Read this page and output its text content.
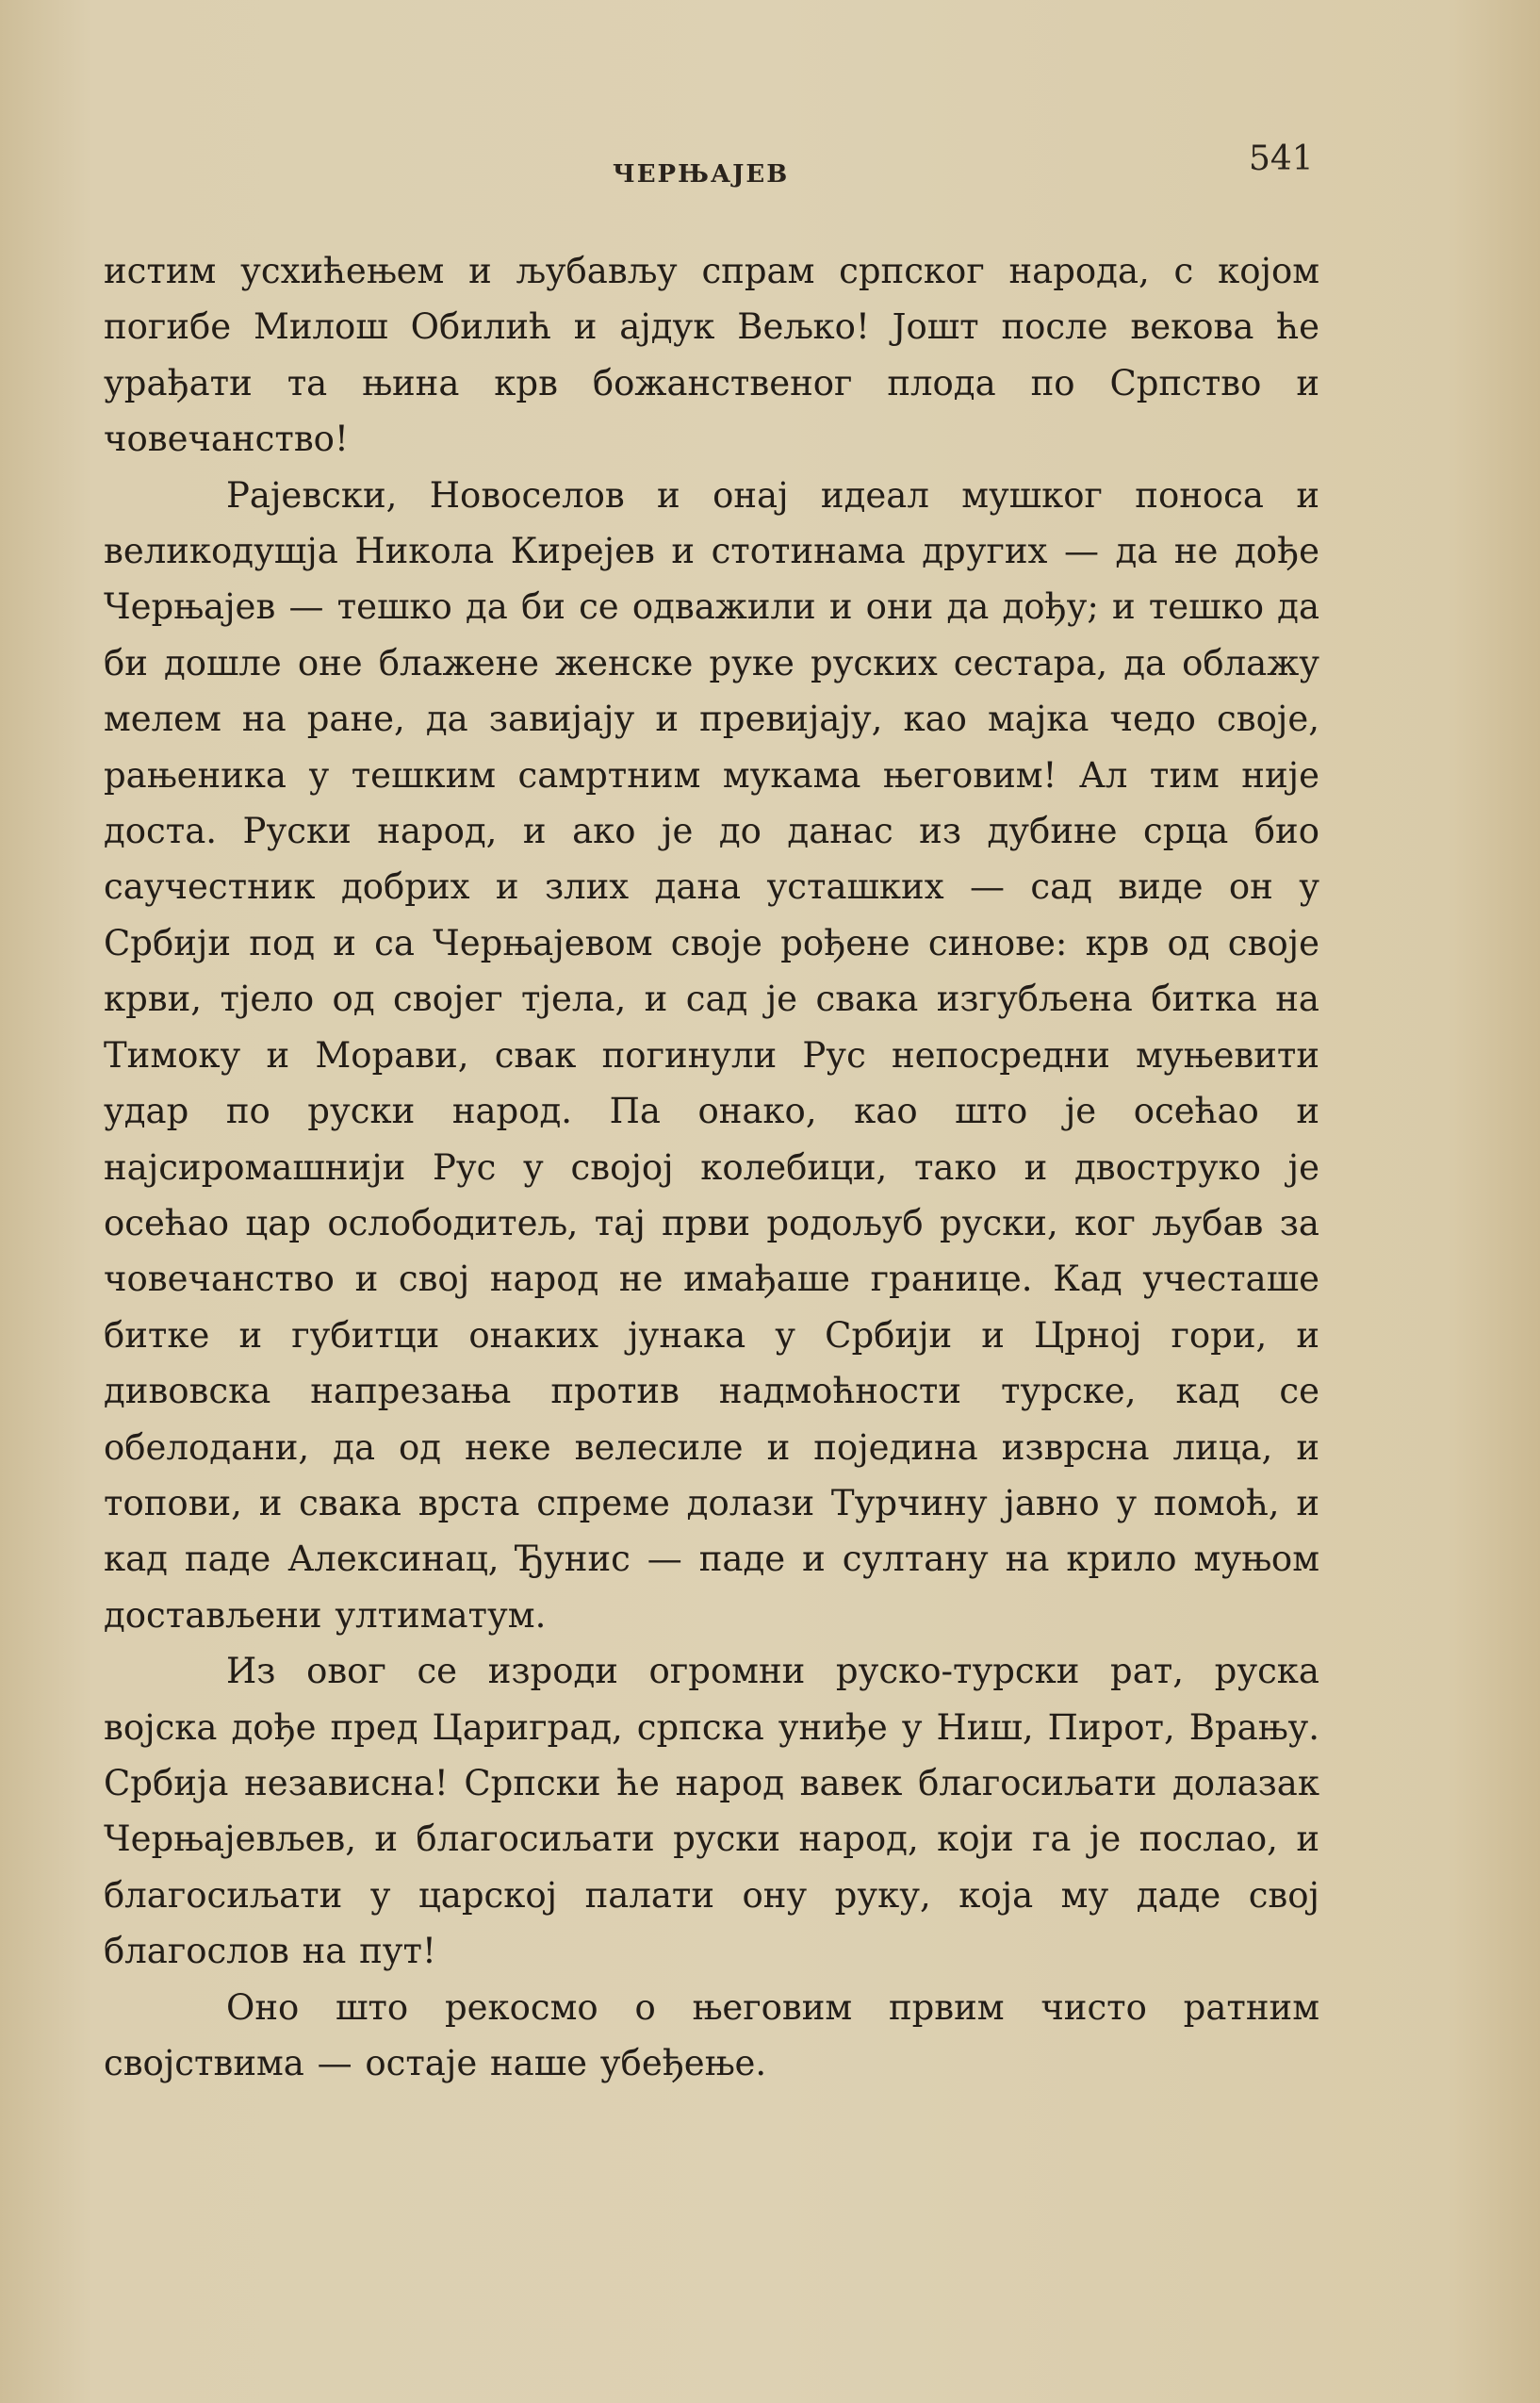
ЧЕРЊАЈЕВ	541

истим усхићењем и љубављу спрам српског народа, с којом погибе Милош Обилић и ајдук Вељко! Јошт после векова ће урађати та њина крв божанственог плода по Српство и човечанство!

Рајевски, Новоселов и онај идеал мушког поноса и великодушја Никола Кирејев и стотинама других — да не дође Черњајев — тешко да би се одважили и они да дођу; и тешко да би дошле оне блажене женске руке руских сестара, да облажу мелем на ране, да завијају и превијају, као мајка чедо своје, рањеника у тешким самртним мукама његовим! Ал тим није доста. Руски народ, и ако је до данас из дубине срца био саучестник добрих и злих дана усташких — сад виде он у Србији под и са Черњајевом своје рођене синове: крв од своје крви, тјело од својег тјела, и сад је свака изгубљена битка на Тимоку и Морави, свак погинули Рус непосредни муњевити удар по руски народ. Па онако, као што је осећао и најсиромашнији Рус у својој колебици, тако и двоструко је осећао цар ослободитељ, тај први родољуб руски, ког љубав за човечанство и свој народ не имађаше границе. Кад учесташе битке и губитци онаких јунака у Србији и Црној гори, и дивовска напрезања против надмоћности турске, кад се обелодани, да од неке велесиле и поједина изврсна лица, и топови, и свака врста спреме долази Турчину јавно у помоћ, и кад паде Алексинац, Ђунис — паде и султану на крило муњом достављени ултиматум.

Из овог се изроди огромни руско-турски рат, руска војска дође пред Цариград, српска униђе у Ниш, Пирот, Врању. Србија независна! Српски ће народ вавек благосиљати долазак Черњајевљев, и благосиљати руски народ, који га је послао, и благосиљати у царској палати ону руку, која му даде свој благослов на пут!

Оно што рекосмо о његовим првим чисто ратним својствима — остаје наше убеђење.
